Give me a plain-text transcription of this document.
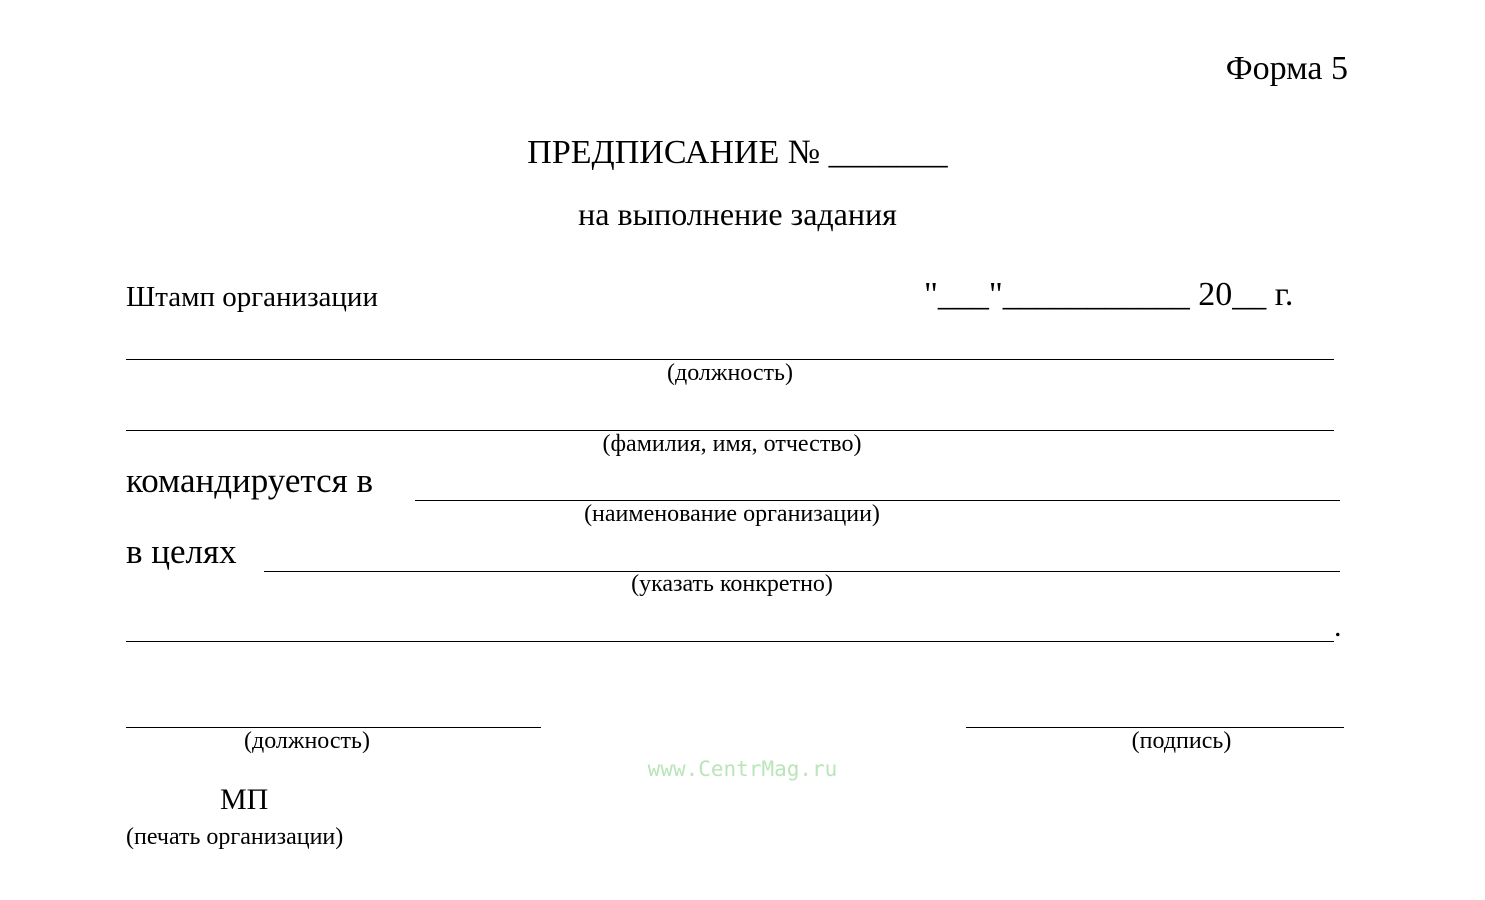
Форма 5
ПРЕДПИСАНИЕ № _______
на выполнение задания
Штамп организации	"___"___________ 20__ г.
(должность)
(фамилия, имя, отчество)
командируется в
(наименование организации)
в целях
(указать конкретно)
.
(должность)	(подпись)
www.CentrMag.ru
МП
(печать организации)
